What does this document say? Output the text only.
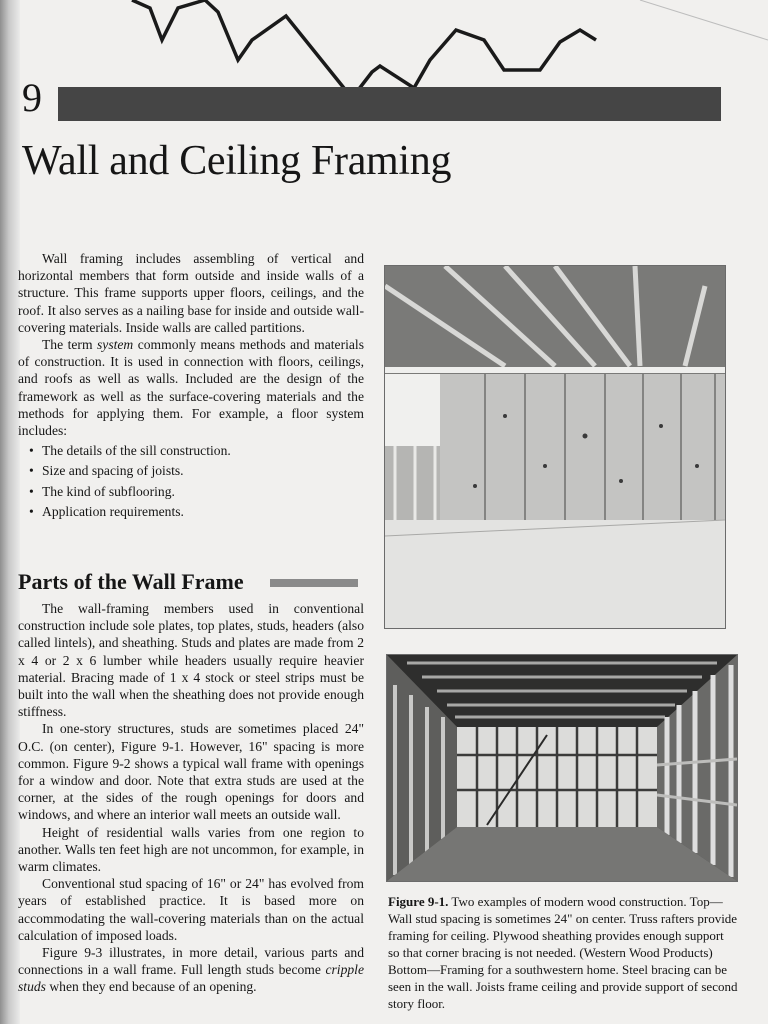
9
Wall and Ceiling Framing

Wall framing includes assembling of vertical and horizontal members that form outside and inside walls of a structure. This frame supports upper floors, ceilings, and the roof. It also serves as a nailing base for inside and outside wall-covering materials. Inside walls are called partitions.

The term system commonly means methods and materials of construction. It is used in connection with floors, ceilings, and roofs as well as walls. Included are the design of the framework as well as the surface-covering materials and the methods for applying them. For example, a floor system includes:

• The details of the sill construction.
• Size and spacing of joists.
• The kind of subflooring.
• Application requirements.
Parts of the Wall Frame

The wall-framing members used in conventional construction include sole plates, top plates, studs, headers (also called lintels), and sheathing. Studs and plates are made from 2 x 4 or 2 x 6 lumber while headers usually require heavier material. Bracing made of 1 x 4 stock or steel strips must be built into the wall when the sheathing does not provide enough stiffness.

In one-story structures, studs are sometimes placed 24" O.C. (on center), Figure 9-1. However, 16" spacing is more common. Figure 9-2 shows a typical wall frame with openings for a window and door. Note that extra studs are used at the corner, at the sides of the rough openings for doors and windows, and where an interior wall meets an outside wall.

Height of residential walls varies from one region to another. Walls ten feet high are not uncommon, for example, in warm climates.

Conventional stud spacing of 16" or 24" has evolved from years of established practice. It is based more on accommodating the wall-covering materials than on the actual calculation of imposed loads.

Figure 9-3 illustrates, in more detail, various parts and connections in a wall frame. Full length studs become cripple studs when they end because of an opening.

Figure 9-1. Two examples of modern wood construction. Top—Wall stud spacing is sometimes 24" on center. Truss rafters provide framing for ceiling. Plywood sheathing provides enough support so that corner bracing is not needed. (Western Wood Products) Bottom—Framing for a southwestern home. Steel bracing can be seen in the wall. Joists frame ceiling and provide support of second story floor.
